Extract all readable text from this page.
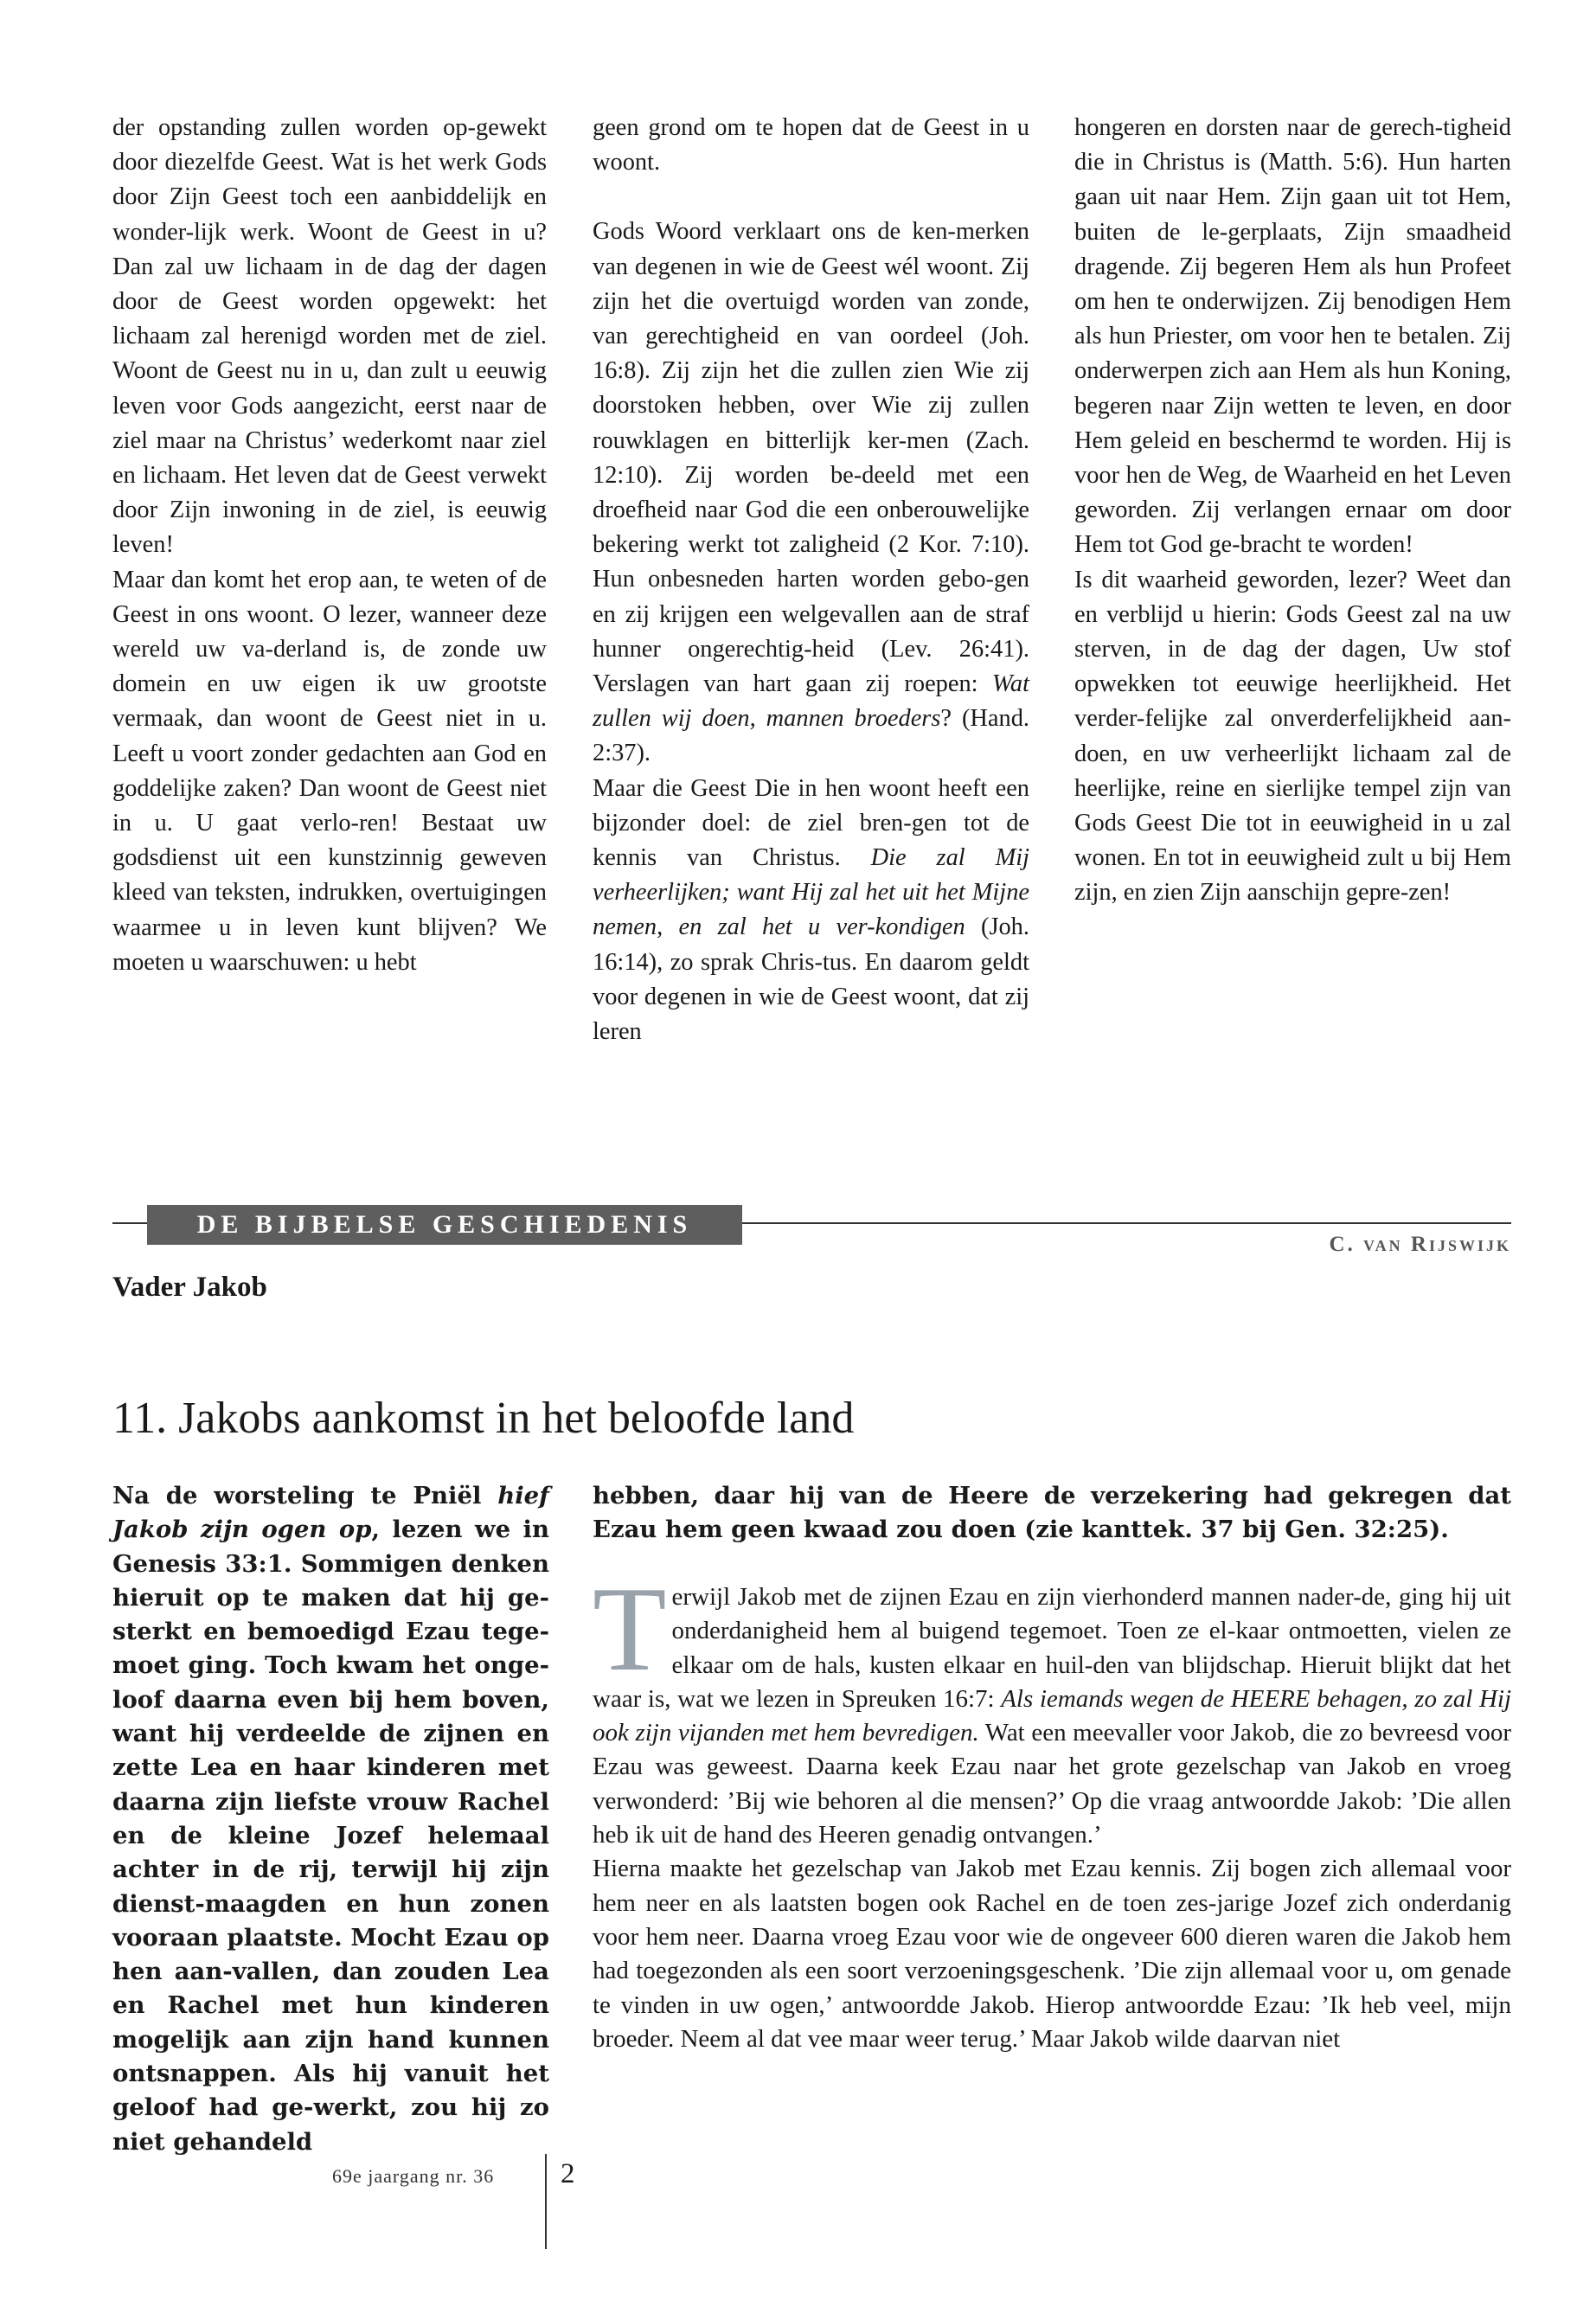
der opstanding zullen worden op-gewekt door diezelfde Geest. Wat is het werk Gods door Zijn Geest toch een aanbiddelijk en wonder-lijk werk. Woont de Geest in u? Dan zal uw lichaam in de dag der dagen door de Geest worden opgewekt: het lichaam zal herenigd worden met de ziel. Woont de Geest nu in u, dan zult u eeuwig leven voor Gods aangezicht, eerst naar de ziel maar na Christus’ wederkomt naar ziel en lichaam. Het leven dat de Geest verwekt door Zijn inwoning in de ziel, is eeuwig leven!

Maar dan komt het erop aan, te weten of de Geest in ons woont. O lezer, wanneer deze wereld uw va-derland is, de zonde uw domein en uw eigen ik uw grootste vermaak, dan woont de Geest niet in u. Leeft u voort zonder gedachten aan God en goddelijke zaken? Dan woont de Geest niet in u. U gaat verlo-ren! Bestaat uw godsdienst uit een kunstzinnig geweven kleed van teksten, indrukken, overtuigingen waarmee u in leven kunt blijven? We moeten u waarschuwen: u hebt

geen grond om te hopen dat de Geest in u woont.

Gods Woord verklaart ons de ken-merken van degenen in wie de Geest wél woont. Zij zijn het die overtuigd worden van zonde, van gerechtigheid en van oordeel (Joh. 16:8). Zij zijn het die zullen zien Wie zij doorstoken hebben, over Wie zij zullen rouwklagen en bitterlijk ker-men (Zach. 12:10). Zij worden be-deeld met een droefheid naar God die een onberouwelijke bekering werkt tot zaligheid (2 Kor. 7:10). Hun onbesneden harten worden gebo-gen en zij krijgen een welgevallen aan de straf hunner ongerechtig-heid (Lev. 26:41). Verslagen van hart gaan zij roepen: Wat zullen wij doen, mannen broeders? (Hand. 2:37).

Maar die Geest Die in hen woont heeft een bijzonder doel: de ziel bren-gen tot de kennis van Christus. Die zal Mij verheerlijken; want Hij zal het uit het Mijne nemen, en zal het u ver-kondigen (Joh. 16:14), zo sprak Chris-tus. En daarom geldt voor degenen in wie de Geest woont, dat zij leren

hongeren en dorsten naar de gerech-tigheid die in Christus is (Matth. 5:6). Hun harten gaan uit naar Hem. Zijn gaan uit tot Hem, buiten de le-gerplaats, Zijn smaadheid dragende. Zij begeren Hem als hun Profeet om hen te onderwijzen. Zij benodigen Hem als hun Priester, om voor hen te betalen. Zij onderwerpen zich aan Hem als hun Koning, begeren naar Zijn wetten te leven, en door Hem geleid en beschermd te worden. Hij is voor hen de Weg, de Waarheid en het Leven geworden. Zij verlangen ernaar om door Hem tot God ge-bracht te worden!

Is dit waarheid geworden, lezer? Weet dan en verblijd u hierin: Gods Geest zal na uw sterven, in de dag der dagen, Uw stof opwekken tot eeuwige heerlijkheid. Het verder-felijke zal onverderfelijkheid aan-doen, en uw verheerlijkt lichaam zal de heerlijke, reine en sierlijke tempel zijn van Gods Geest Die tot in eeuwigheid in u zal wonen. En tot in eeuwigheid zult u bij Hem zijn, en zien Zijn aanschijn gepre-zen!

DE BIJBELSE GESCHIEDENIS
C. van Rijswijk
Vader Jakob
11. Jakobs aankomst in het beloofde land
Na de worsteling te Pniël hief Jakob zijn ogen op, lezen we in Genesis 33:1. Sommigen denken hieruit op te maken dat hij ge-sterkt en bemoedigd Ezau tege-moet ging. Toch kwam het onge-loof daarna even bij hem boven, want hij verdeelde de zijnen en zette Lea en haar kinderen met daarna zijn liefste vrouw Rachel en de kleine Jozef helemaal achter in de rij, terwijl hij zijn dienst-maagden en hun zonen vooraan plaatste. Mocht Ezau op hen aan-vallen, dan zouden Lea en Rachel met hun kinderen mogelijk aan zijn hand kunnen ontsnappen. Als hij vanuit het geloof had ge-werkt, zou hij zo niet gehandeld
hebben, daar hij van de Heere de verzekering had gekregen dat Ezau hem geen kwaad zou doen (zie kanttek. 37 bij Gen. 32:25).

Terwijl Jakob met de zijnen Ezau en zijn vierhonderd mannen nader-de, ging hij uit onderdanigheid hem al buigend tegemoet. Toen ze el-kaar ontmoetten, vielen ze elkaar om de hals, kusten elkaar en huil-den van blijdschap. Hieruit blijkt dat het waar is, wat we lezen in Spreuken 16:7: Als iemands wegen de HEERE behagen, zo zal Hij ook zijn vijanden met hem bevredigen. Wat een meevaller voor Jakob, die zo bevreesd voor Ezau was geweest. Daarna keek Ezau naar het grote gezelschap van Jakob en vroeg verwonderd: ’Bij wie behoren al die mensen?’ Op die vraag antwoordde Jakob: ’Die allen heb ik uit de hand des Heeren genadig ontvangen.’

Hierna maakte het gezelschap van Jakob met Ezau kennis. Zij bogen zich allemaal voor hem neer en als laatsten bogen ook Rachel en de toen zes-jarige Jozef zich onderdanig voor hem neer. Daarna vroeg Ezau voor wie de ongeveer 600 dieren waren die Jakob hem had toegezonden als een soort verzoeningsgeschenk. ’Die zijn allemaal voor u, om genade te vinden in uw ogen,’ antwoordde Jakob. Hierop antwoordde Ezau: ’Ik heb veel, mijn broeder. Neem al dat vee maar weer terug.’ Maar Jakob wilde daarvan niet

69e jaargang nr. 36 2
